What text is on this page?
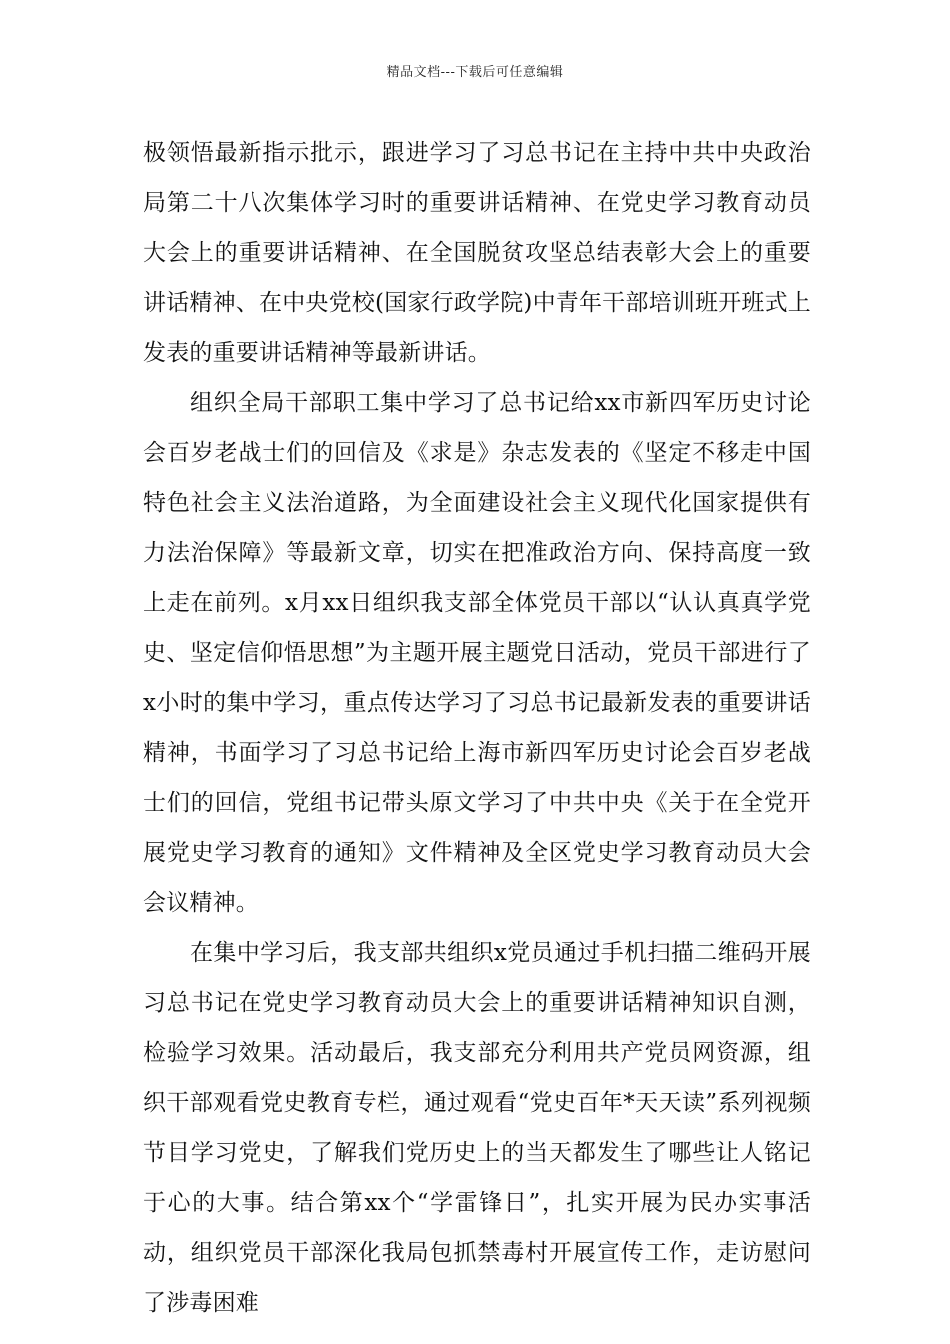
精品文档---下载后可任意编辑

极领悟最新指示批示，跟进学习了习总书记在主持中共中央政治局第二十八次集体学习时的重要讲话精神、在党史学习教育动员大会上的重要讲话精神、在全国脱贫攻坚总结表彰大会上的重要讲话精神、在中央党校(国家行政学院)中青年干部培训班开班式上发表的重要讲话精神等最新讲话。

组织全局干部职工集中学习了总书记给xx市新四军历史讨论会百岁老战士们的回信及《求是》杂志发表的《坚定不移走中国特色社会主义法治道路，为全面建设社会主义现代化国家提供有力法治保障》等最新文章，切实在把准政治方向、保持高度一致上走在前列。x月xx日组织我支部全体党员干部以“认认真真学党史、坚定信仰悟思想”为主题开展主题党日活动，党员干部进行了x小时的集中学习，重点传达学习了习总书记最新发表的重要讲话精神，书面学习了习总书记给上海市新四军历史讨论会百岁老战士们的回信，党组书记带头原文学习了中共中央《关于在全党开展党史学习教育的通知》文件精神及全区党史学习教育动员大会会议精神。

在集中学习后，我支部共组织x党员通过手机扫描二维码开展习总书记在党史学习教育动员大会上的重要讲话精神知识自测，检验学习效果。活动最后，我支部充分利用共产党员网资源，组织干部观看党史教育专栏，通过观看“党史百年*天天读”系列视频节目学习党史，了解我们党历史上的当天都发生了哪些让人铭记于心的大事。结合第xx个“学雷锋日”，扎实开展为民办实事活动，组织党员干部深化我局包抓禁毒村开展宣传工作，走访慰问了涉毒困难
